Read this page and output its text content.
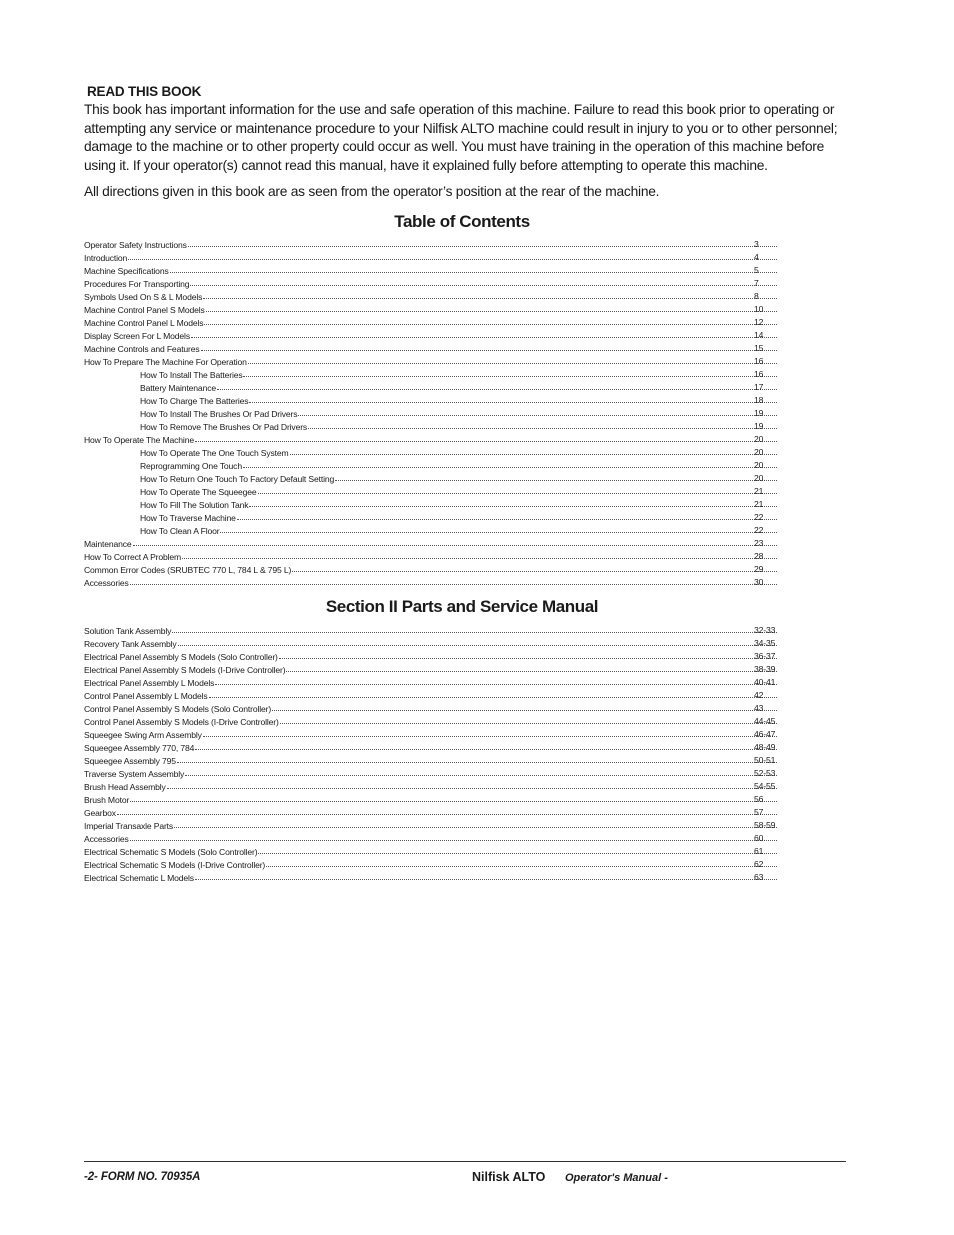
READ THIS BOOK

This book has important information for the use and safe operation of this machine. Failure to read this book prior to operating or attempting any service or maintenance procedure to your Nilfisk ALTO machine could result in injury to you or to other personnel; damage to the machine or to other property could occur as well. You must have training in the operation of this machine before using it. If your operator(s) cannot read this manual, have it explained fully before attempting to operate this machine.

All directions given in this book are as seen from the operator’s position at the rear of the machine.

Table of Contents
Operator Safety Instructions	3
Introduction	4
Machine Specifications	5
Procedures For Transporting	7
Symbols Used On S & L Models	8
Machine Control Panel S Models	10
Machine Control Panel L Models	12
Display Screen For L Models	14
Machine Controls and Features	15
How To Prepare The Machine For Operation	16
How To Install The Batteries	16
Battery Maintenance	17
How To Charge The Batteries	18
How To Install The Brushes Or Pad Drivers	19
How To Remove The Brushes Or Pad Drivers	19
How To Operate The Machine	20
How To Operate The One Touch System	20
Reprogramming One Touch	20
How To Return One Touch To Factory Default Setting	20
How To Operate The Squeegee	21
How To Fill The Solution Tank	21
How To Traverse Machine	22
How To Clean A Floor	22
Maintenance	23
How To Correct A Problem	28
Common Error Codes (SRUBTEC 770 L, 784 L & 795 L)	29
Accessories	30
Section II Parts and Service Manual
Solution Tank Assembly	32-33
Recovery Tank Assembly	34-35
Electrical Panel Assembly S Models (Solo Controller)	36-37
Electrical Panel Assembly S Models (I-Drive Controller)	38-39
Electrical Panel Assembly L Models	40-41
Control Panel Assembly L Models	42
Control Panel Assembly S Models (Solo Controller)	43
Control Panel Assembly S Models (I-Drive Controller)	44-45
Squeegee Swing Arm Assembly	46-47
Squeegee Assembly 770, 784	48-49
Squeegee Assembly 795	50-51
Traverse System Assembly	52-53
Brush Head Assembly	54-55
Brush Motor	56
Gearbox	57
Imperial Transaxle Parts	58-59
Accessories	60
Electrical Schematic S Models (Solo Controller)	61
Electrical Schematic S Models (I-Drive Controller)	62
Electrical Schematic L Models	63
-2- FORM NO. 70935A	Nilfisk ALTO Operator's Manual -
